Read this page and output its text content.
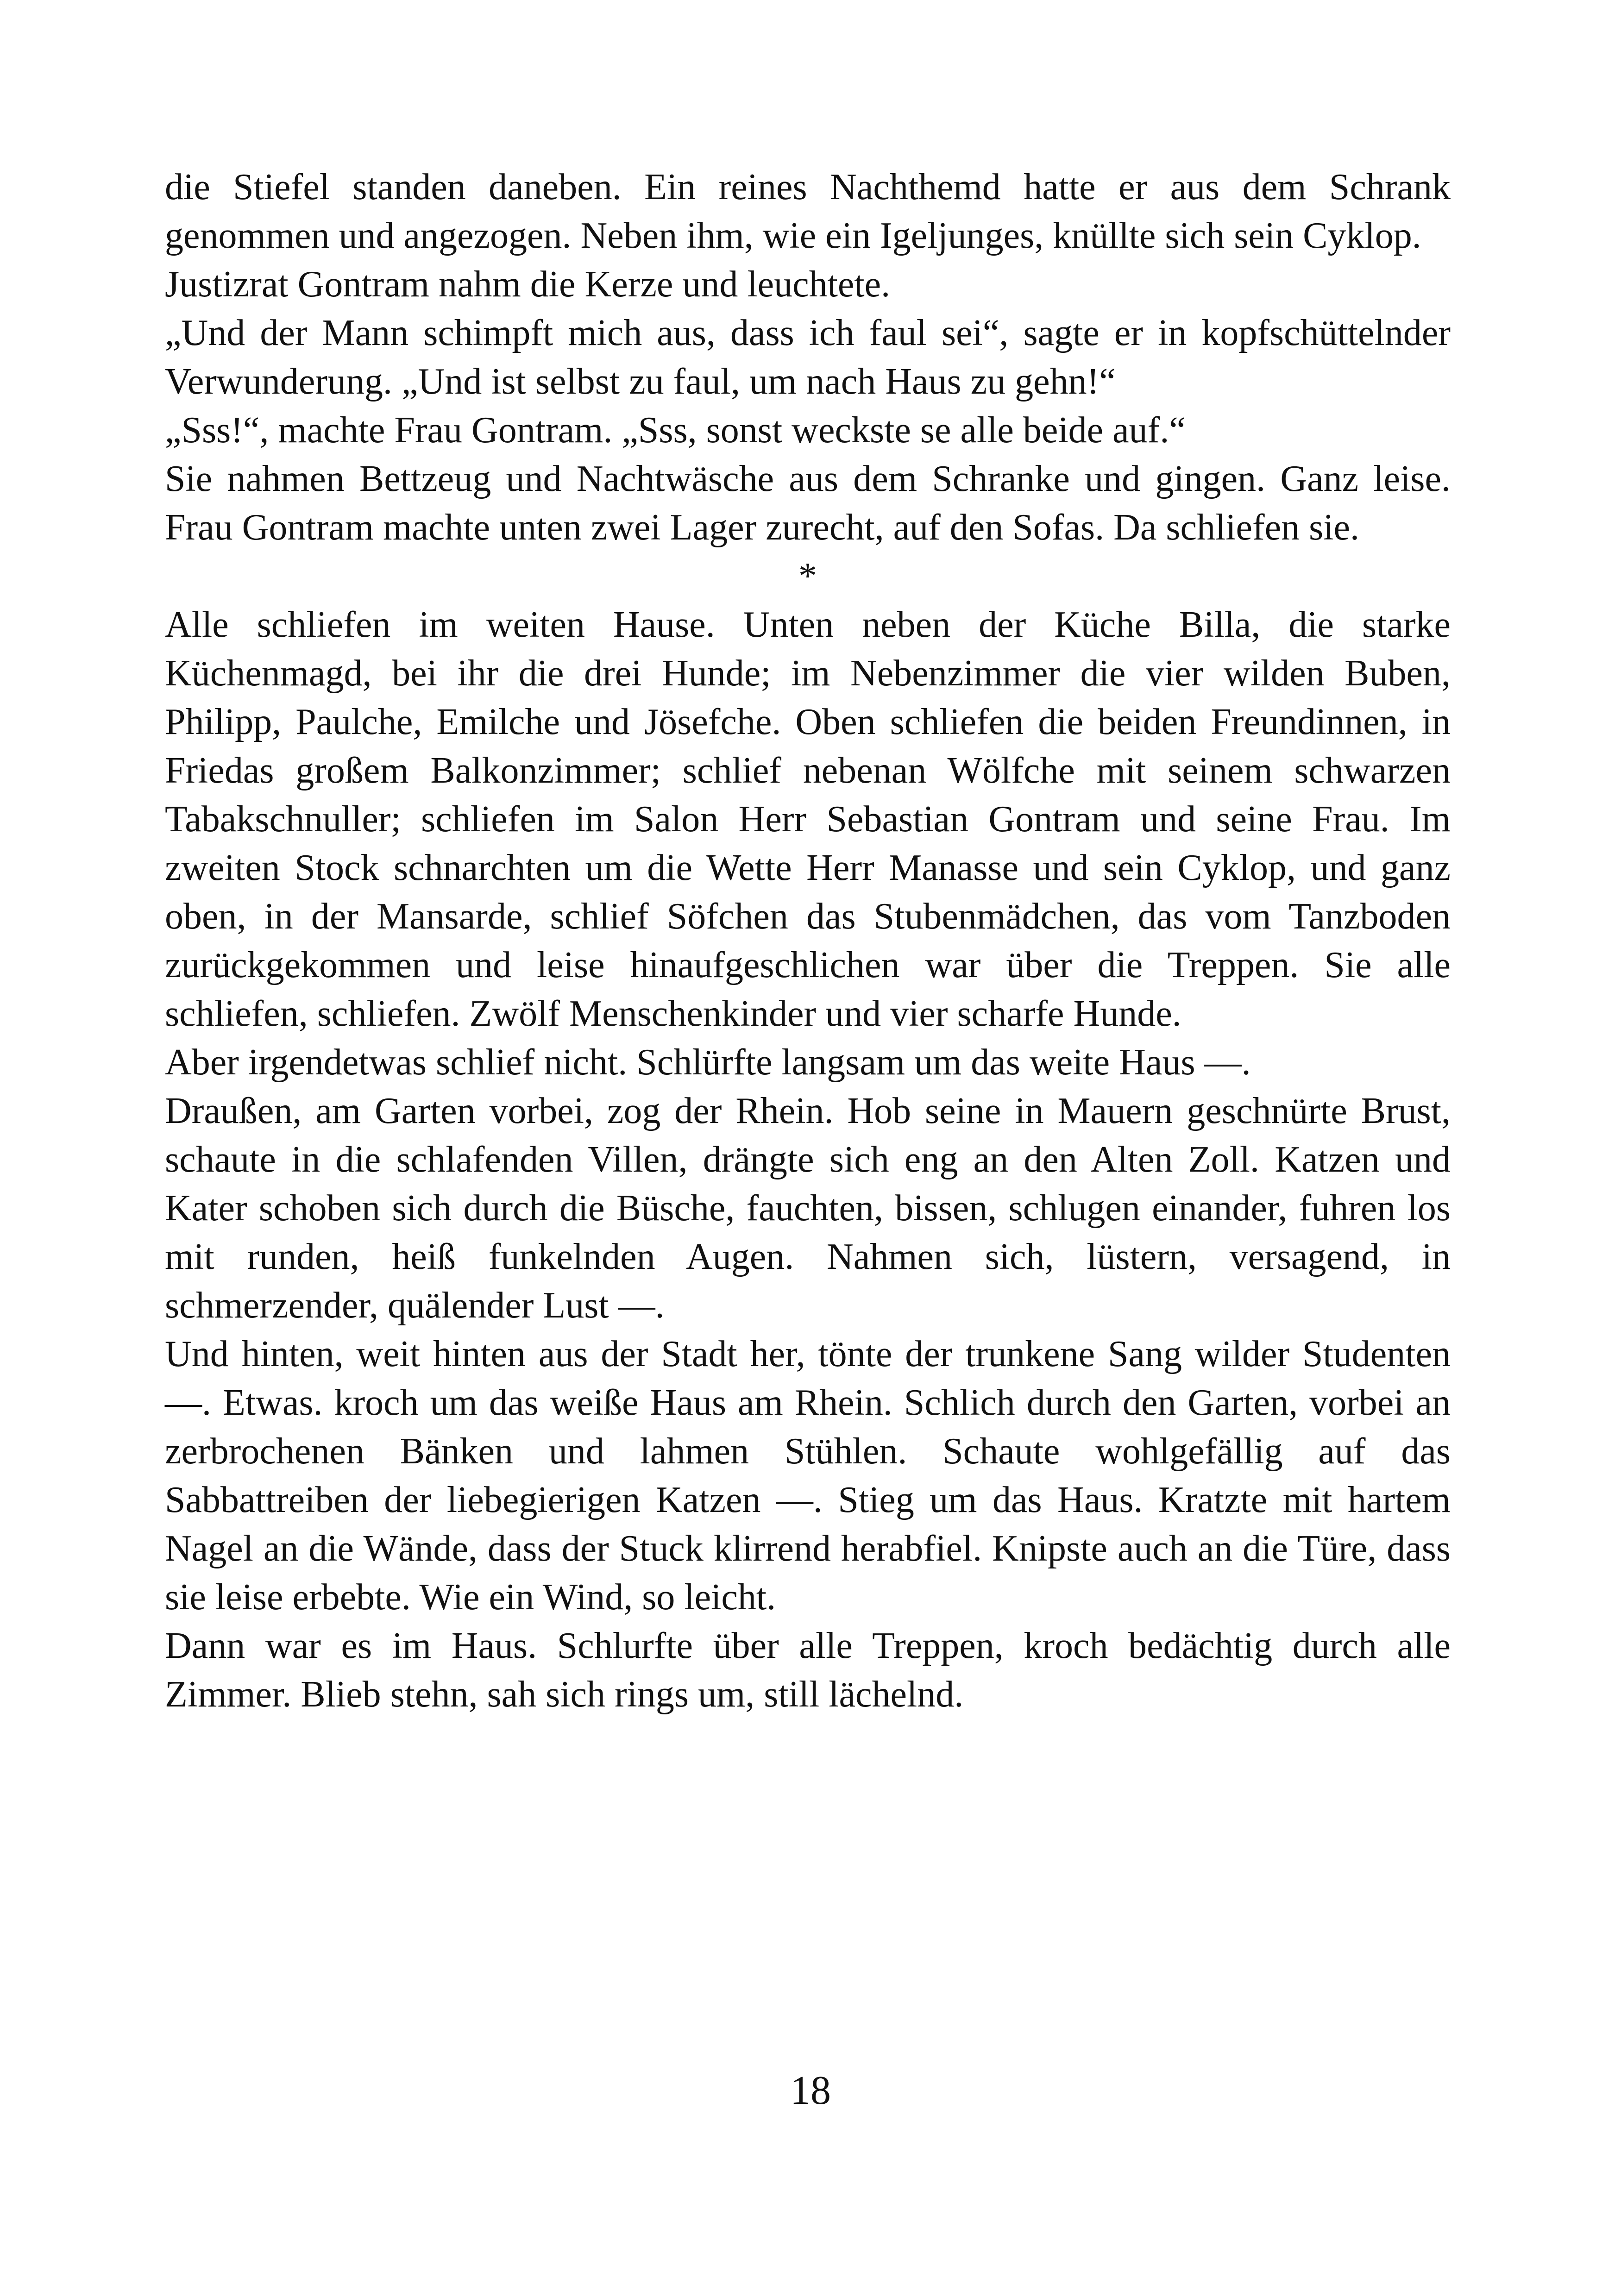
die Stiefel standen daneben. Ein reines Nachthemd hatte er aus dem Schrank genommen und angezogen. Neben ihm, wie ein Igeljunges, knüllte sich sein Cyklop.

Justizrat Gontram nahm die Kerze und leuchtete.

„Und der Mann schimpft mich aus, dass ich faul sei“, sagte er in kopfschüttelnder Verwunderung. „Und ist selbst zu faul, um nach Haus zu gehn!“

„Sss!“, machte Frau Gontram. „Sss, sonst weckste se alle beide auf.“

Sie nahmen Bettzeug und Nachtwäsche aus dem Schranke und gingen. Ganz leise. Frau Gontram machte unten zwei Lager zurecht, auf den Sofas. Da schliefen sie.

*

Alle schliefen im weiten Hause. Unten neben der Küche Billa, die starke Küchenmagd, bei ihr die drei Hunde; im Nebenzimmer die vier wilden Buben, Philipp, Paulche, Emilche und Jösefche. Oben schliefen die beiden Freundinnen, in Friedas großem Balkonzimmer; schlief nebenan Wölfche mit seinem schwarzen Tabakschnuller; schliefen im Salon Herr Sebastian Gontram und seine Frau. Im zweiten Stock schnarchten um die Wette Herr Manasse und sein Cyklop, und ganz oben, in der Mansarde, schlief Söfchen das Stubenmädchen, das vom Tanzboden zurückgekommen und leise hinaufgeschlichen war über die Treppen. Sie alle schliefen, schliefen. Zwölf Menschenkinder und vier scharfe Hunde.

Aber irgendetwas schlief nicht. Schlürfte langsam um das weite Haus —.

Draußen, am Garten vorbei, zog der Rhein. Hob seine in Mauern geschnürte Brust, schaute in die schlafenden Villen, drängte sich eng an den Alten Zoll. Katzen und Kater schoben sich durch die Büsche, fauchten, bissen, schlugen einander, fuhren los mit runden, heiß funkelnden Augen. Nahmen sich, lüstern, versagend, in schmerzender, quälender Lust —.

Und hinten, weit hinten aus der Stadt her, tönte der trunkene Sang wilder Studenten —. Etwas. kroch um das weiße Haus am Rhein. Schlich durch den Garten, vorbei an zerbrochenen Bänken und lahmen Stühlen. Schaute wohlgefällig auf das Sabbattreiben der liebegierigen Katzen —. Stieg um das Haus. Kratzte mit hartem Nagel an die Wände, dass der Stuck klirrend herabfiel. Knipste auch an die Türe, dass sie leise erbebte. Wie ein Wind, so leicht.

Dann war es im Haus. Schlurfte über alle Treppen, kroch bedächtig durch alle Zimmer. Blieb stehn, sah sich rings um, still lächelnd.

18
